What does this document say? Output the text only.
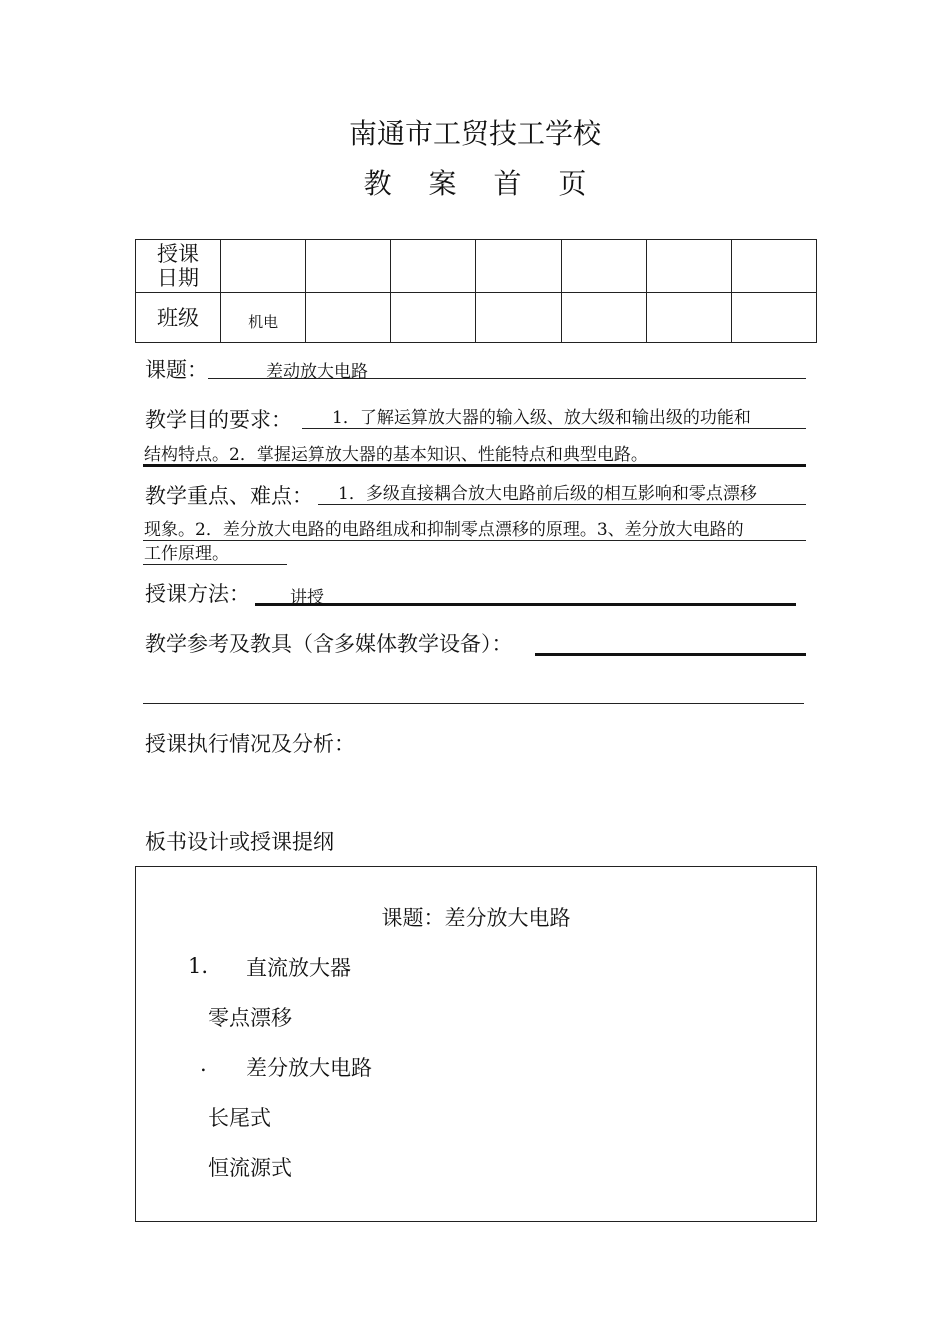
南通市工贸技工学校
教 案 首 页
授课
日期							

班级	机电						
课题：	差动放大电路
教学目的要求： 1．了解运算放大器的输入级、放大级和输出级的功能和
结构特点。2．掌握运算放大器的基本知识、性能特点和典型电路。
教学重点、难点： 1．多级直接耦合放大电路前后级的相互影响和零点漂移
现象。2．差分放大电路的电路组成和抑制零点漂移的原理。3、差分放大电路的
工作原理。
授课方法： 讲授
教学参考及教具（含多媒体教学设备）：
授课执行情况及分析：
板书设计或授课提纲
课题：差分放大电路
1. 直流放大器
零点漂移
. 差分放大电路
长尾式
恒流源式
